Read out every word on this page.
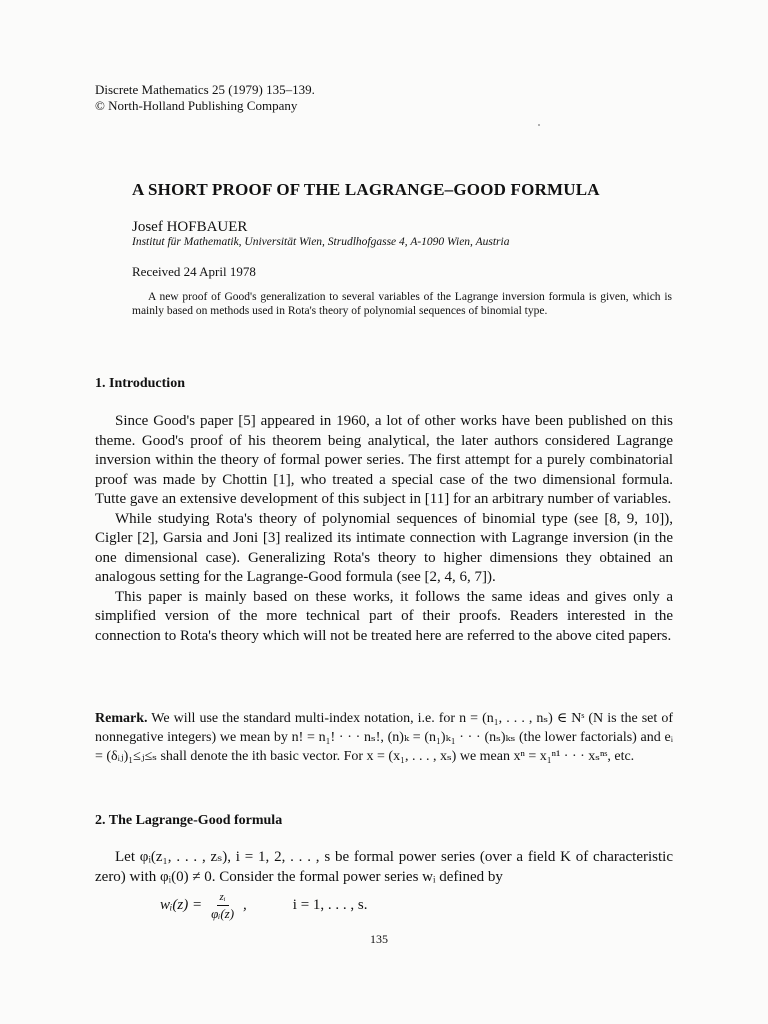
Discrete Mathematics 25 (1979) 135–139.
© North-Holland Publishing Company
A SHORT PROOF OF THE LAGRANGE–GOOD FORMULA
Josef HOFBAUER
Institut für Mathematik, Universität Wien, Strudlhofgasse 4, A-1090 Wien, Austria
Received 24 April 1978

A new proof of Good's generalization to several variables of the Lagrange inversion formula is given, which is mainly based on methods used in Rota's theory of polynomial sequences of binomial type.

1. Introduction

Since Good's paper [5] appeared in 1960, a lot of other works have been published on this theme. Good's proof of his theorem being analytical, the later authors considered Lagrange inversion within the theory of formal power series. The first attempt for a purely combinatorial proof was made by Chottin [1], who treated a special case of the two dimensional formula. Tutte gave an extensive development of this subject in [11] for an arbitrary number of variables.

While studying Rota's theory of polynomial sequences of binomial type (see [8, 9, 10]), Cigler [2], Garsia and Joni [3] realized its intimate connection with Lagrange inversion (in the one dimensional case). Generalizing Rota's theory to higher dimensions they obtained an analogous setting for the Lagrange-Good formula (see [2, 4, 6, 7]).

This paper is mainly based on these works, it follows the same ideas and gives only a simplified version of the more technical part of their proofs. Readers interested in the connection to Rota's theory which will not be treated here are referred to the above cited papers.

Remark. We will use the standard multi-index notation, i.e. for n = (n₁, . . . , nₛ) ∈ Nˢ (N is the set of nonnegative integers) we mean by n! = n₁! · · · nₛ!, (n)ₖ = (n₁)ₖ₁ · · · (nₛ)ₖₛ (the lower factorials) and eᵢ = (δᵢⱼ)₁≤ⱼ≤ₛ shall denote the ith basic vector. For x = (x₁, . . . , xₛ) we mean xⁿ = x₁ⁿ¹ · · · xₛⁿˢ, etc.

2. The Lagrange-Good formula

Let φᵢ(z₁, . . . , zₛ), i = 1, 2, . . . , s be formal power series (over a field K of characteristic zero) with φᵢ(0) ≠ 0. Consider the formal power series wᵢ defined by

wᵢ(z) = $\frac{\text{zᵢ}}{\text{φᵢ(z)}}$ ,	i = 1, . . . , s.
135
